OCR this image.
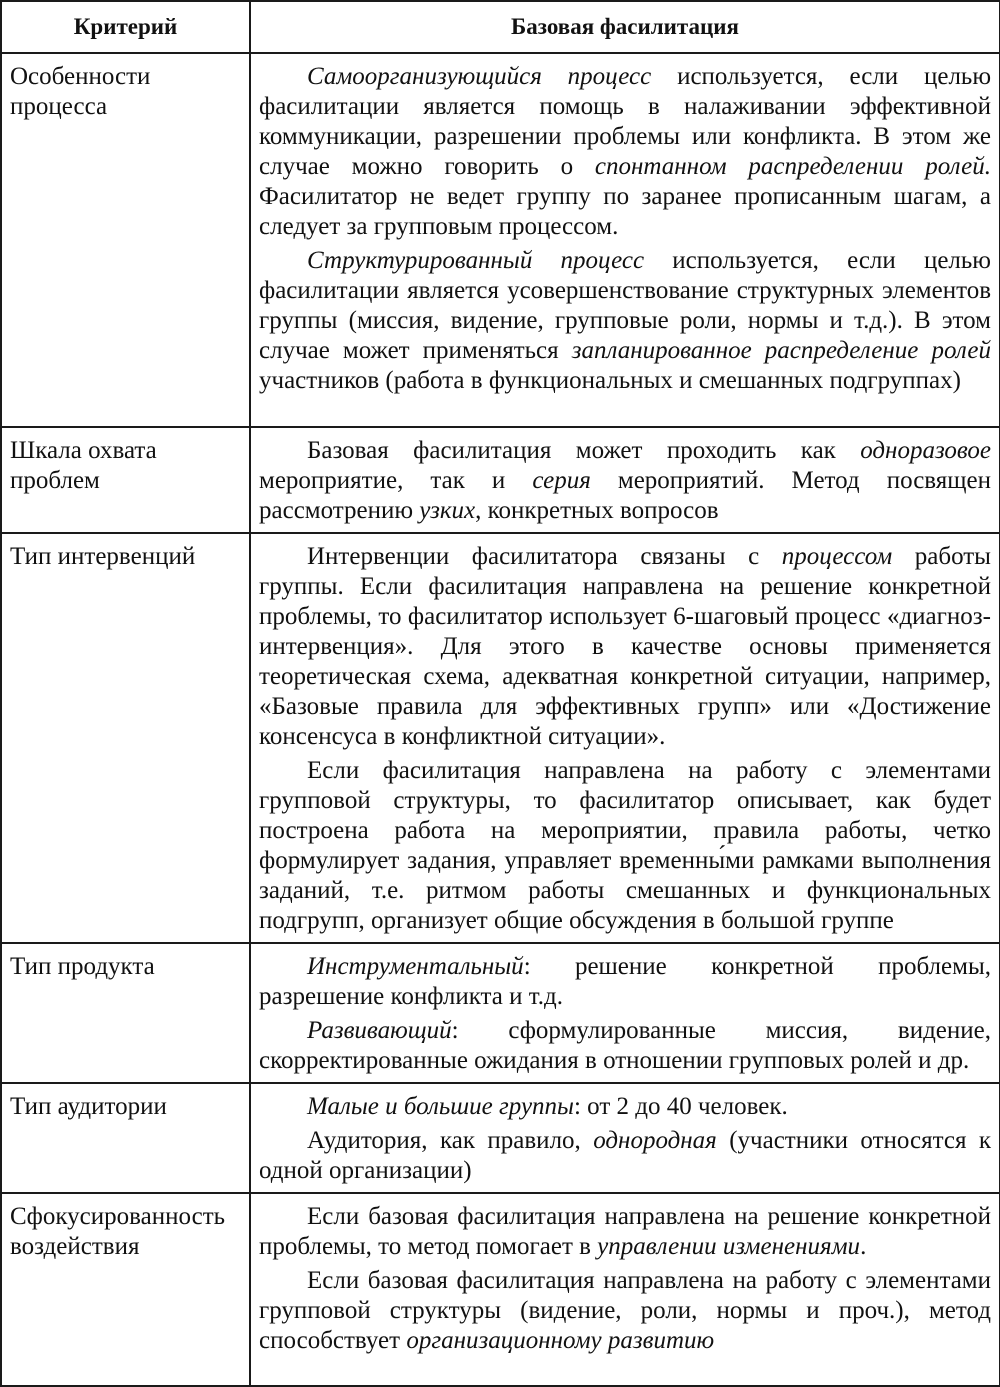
Критерий	Базовая фасилитация
Особенности процесса	Самоорганизующийся процесс используется, если целью фасилитации является помощь в налаживании эффективной коммуникации, разрешении проблемы или конфликта. В этом же случае можно говорить о спонтанном распределении ролей. Фасилитатор не ведет группу по заранее прописанным шагам, а следует за групповым процессом.

Структурированный процесс используется, если целью фасилитации является усовершенствование структурных элементов группы (миссия, видение, групповые роли, нормы и т.д.). В этом случае может применяться запланированное распределение ролей участников (работа в функциональных и смешанных подгруппах)

Шкала охвата проблем	Базовая фасилитация может проходить как одноразовое мероприятие, так и серия мероприятий. Метод посвящен рассмотрению узких, конкретных вопросов

Тип интервенций	Интервенции фасилитатора связаны с процессом работы группы. Если фасилитация направлена на решение конкретной проблемы, то фасилитатор использует 6-шаговый процесс «диагноз-интервенция». Для этого в качестве основы применяется теоретическая схема, адекватная конкретной ситуации, например, «Базовые правила для эффективных групп» или «Достижение консенсуса в конфликтной ситуации».

Если фасилитация направлена на работу с элементами групповой структуры, то фасилитатор описывает, как будет построена работа на мероприятии, правила работы, четко формулирует задания, управляет временны́ми рамками выполнения заданий, т.е. ритмом работы смешанных и функциональных подгрупп, организует общие обсуждения в большой группе

Тип продукта	Инструментальный: решение конкретной проблемы, разрешение конфликта и т.д.

Развивающий: сформулированные миссия, видение, скорректированные ожидания в отношении групповых ролей и др.

Тип аудитории	Малые и большие группы: от 2 до 40 человек.

Аудитория, как правило, однородная (участники относятся к одной организации)

Сфокусированность воздействия	Если базовая фасилитация направлена на решение конкретной проблемы, то метод помогает в управлении изменениями.

Если базовая фасилитация направлена на работу с элементами групповой структуры (видение, роли, нормы и проч.), метод способствует организационному развитию
